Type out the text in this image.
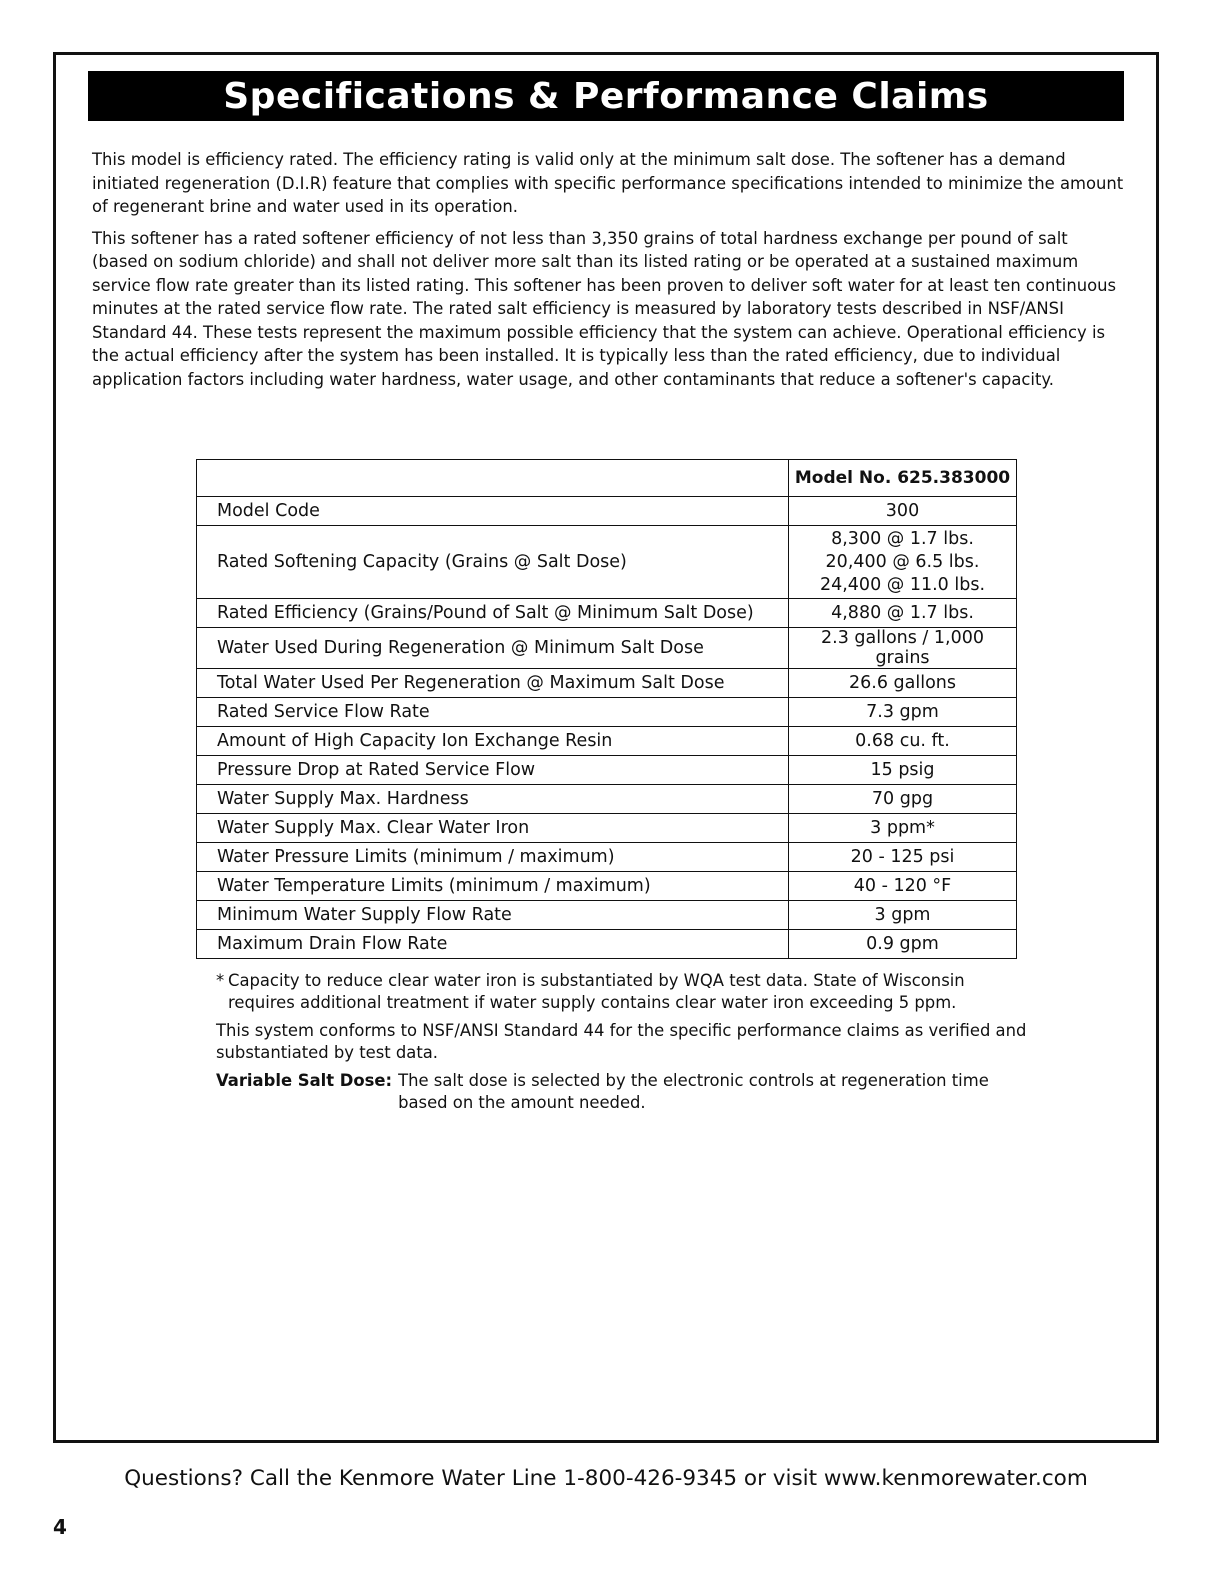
Specifications & Performance Claims

This model is efficiency rated. The efficiency rating is valid only at the minimum salt dose. The softener has a demand initiated regeneration (D.I.R) feature that complies with specific performance specifications intended to minimize the amount of regenerant brine and water used in its operation.

This softener has a rated softener efficiency of not less than 3,350 grains of total hardness exchange per pound of salt (based on sodium chloride) and shall not deliver more salt than its listed rating or be operated at a sustained maximum service flow rate greater than its listed rating. This softener has been proven to deliver soft water for at least ten continuous minutes at the rated service flow rate. The rated salt efficiency is measured by laboratory tests described in NSF/ANSI Standard 44. These tests represent the maximum possible efficiency that the system can achieve. Operational efficiency is the actual efficiency after the system has been installed. It is typically less than the rated efficiency, due to individual application factors including water hardness, water usage, and other contaminants that reduce a softener's capacity.

	Model No. 625.383000
Model Code	300
Rated Softening Capacity (Grains @ Salt Dose)	8,300 @ 1.7 lbs.
20,400 @ 6.5 lbs.
24,400 @ 11.0 lbs.

Rated Efficiency (Grains/Pound of Salt @ Minimum Salt Dose)	4,880 @ 1.7 lbs.
Water Used During Regeneration @ Minimum Salt Dose	2.3 gallons / 1,000 grains
Total Water Used Per Regeneration @ Maximum Salt Dose	26.6 gallons
Rated Service Flow Rate	7.3 gpm
Amount of High Capacity Ion Exchange Resin	0.68 cu. ft.
Pressure Drop at Rated Service Flow	15 psig
Water Supply Max. Hardness	70 gpg
Water Supply Max. Clear Water Iron	3 ppm*
Water Pressure Limits (minimum / maximum)	20 - 125 psi
Water Temperature Limits (minimum / maximum)	40 - 120 °F
Minimum Water Supply Flow Rate	3 gpm
Maximum Drain Flow Rate	0.9 gpm

* Capacity to reduce clear water iron is substantiated by WQA test data. State of Wisconsin requires additional treatment if water supply contains clear water iron exceeding 5 ppm.

This system conforms to NSF/ANSI Standard 44 for the specific performance claims as verified and substantiated by test data.

Variable Salt Dose: The salt dose is selected by the electronic controls at regeneration time based on the amount needed.

Questions? Call the Kenmore Water Line 1-800-426-9345 or visit www.kenmorewater.com
4
